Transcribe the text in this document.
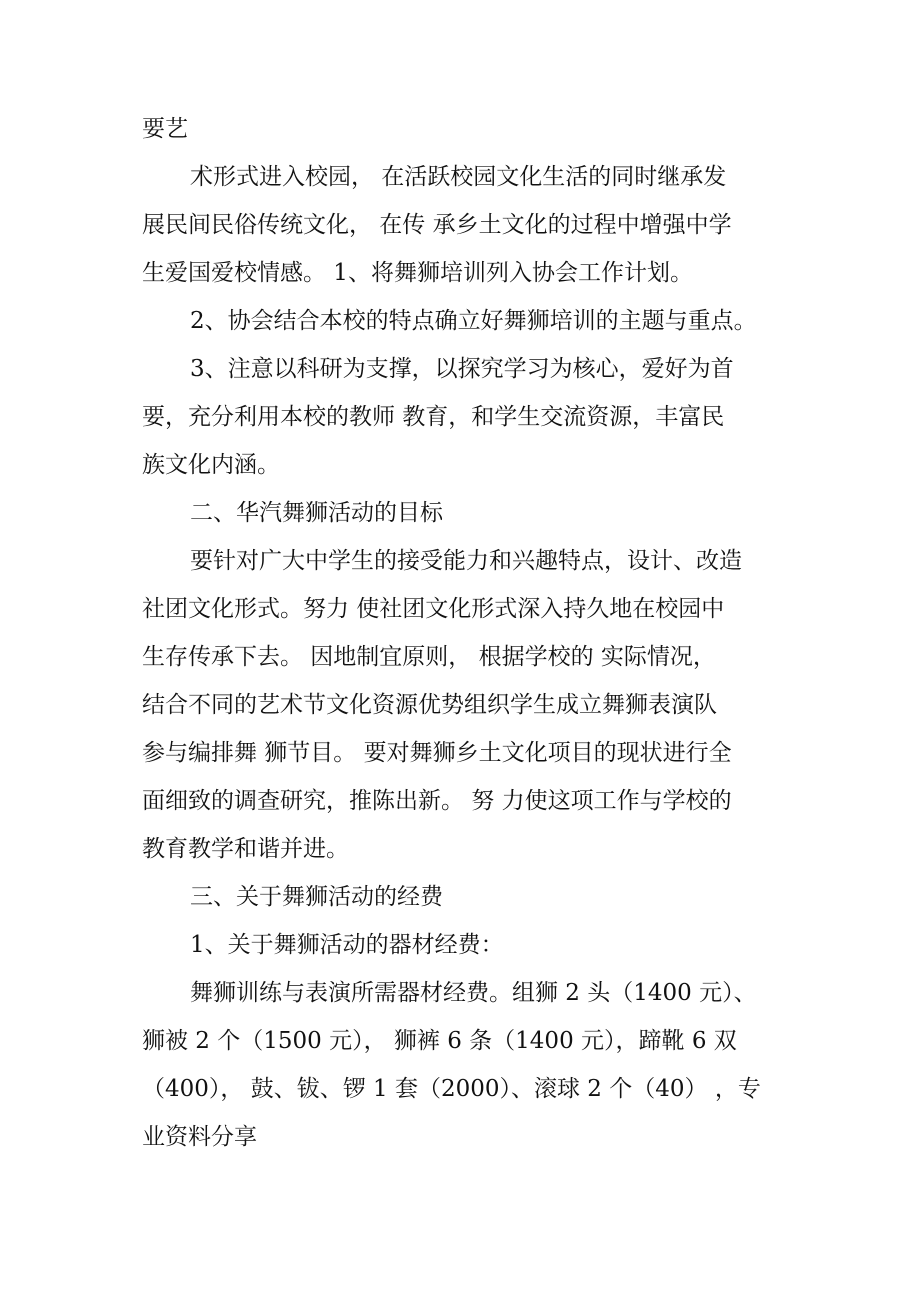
要艺

术形式进入校园， 在活跃校园文化生活的同时继承发

展民间民俗传统文化， 在传 承乡土文化的过程中增强中学

生爱国爱校情感。 1、将舞狮培训列入协会工作计划。

2、协会结合本校的特点确立好舞狮培训的主题与重点。

3、注意以科研为支撑，以探究学习为核心，爱好为首

要，充分利用本校的教师 教育，和学生交流资源，丰富民

族文化内涵。

二、华汽舞狮活动的目标

要针对广大中学生的接受能力和兴趣特点，设计、改造

社团文化形式。努力 使社团文化形式深入持久地在校园中

生存传承下去。 因地制宜原则， 根据学校的 实际情况，

结合不同的艺术节文化资源优势组织学生成立舞狮表演队

参与编排舞 狮节目。 要对舞狮乡土文化项目的现状进行全

面细致的调查研究，推陈出新。 努 力使这项工作与学校的

教育教学和谐并进。

三、关于舞狮活动的经费

1、关于舞狮活动的器材经费：

舞狮训练与表演所需器材经费。组狮 2 头（1400 元）、

狮被 2 个（1500 元）， 狮裤 6 条（1400 元），蹄靴 6 双

（400）， 鼓、钹、锣 1 套（2000）、滚球 2 个（40） ，专

业资料分享
